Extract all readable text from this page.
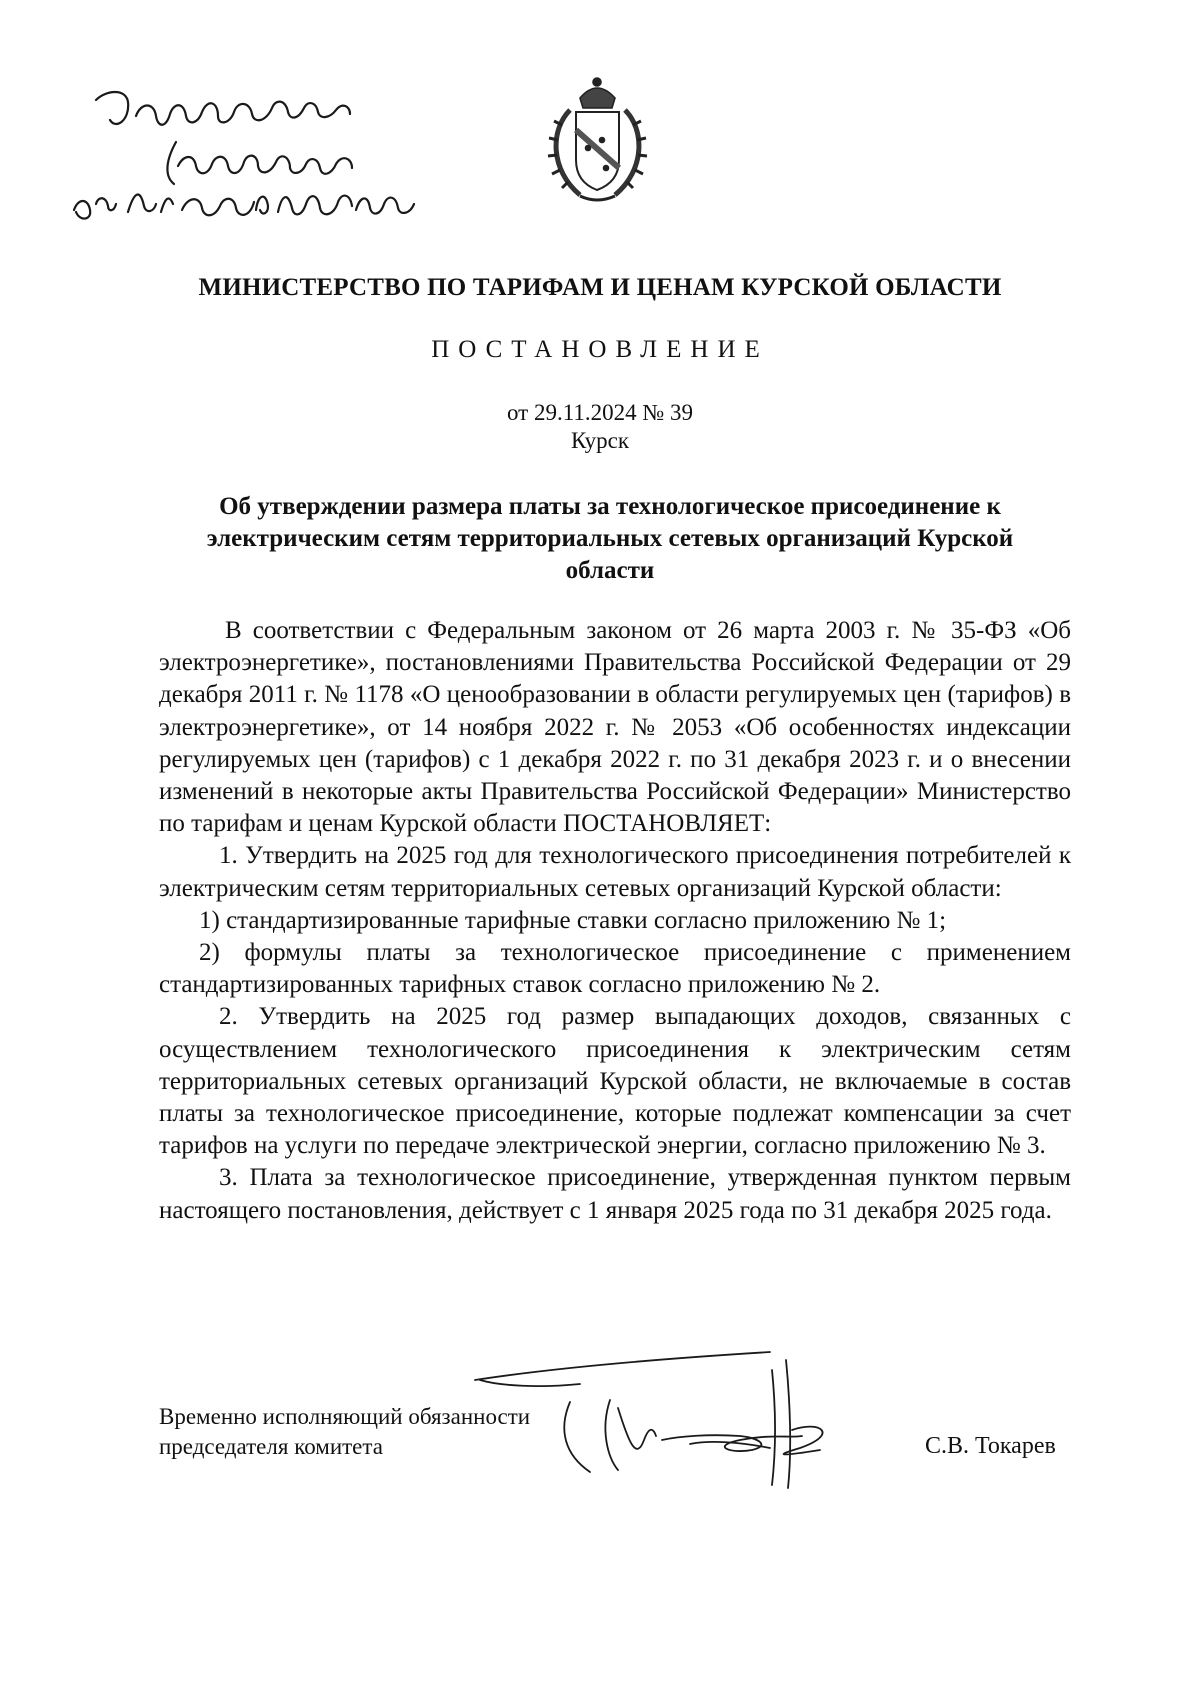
МИНИСТЕРСТВО ПО ТАРИФАМ И ЦЕНАМ КУРСКОЙ ОБЛАСТИ
ПОСТАНОВЛЕНИЕ
от 29.11.2024 № 39
Курск
Об утверждении размера платы за технологическое присоединение к электрическим сетям территориальных сетевых организаций Курской области

В соответствии с Федеральным законом от 26 марта 2003 г. № 35-ФЗ «Об электроэнергетике», постановлениями Правительства Российской Федерации от 29 декабря 2011 г. № 1178 «О ценообразовании в области регулируемых цен (тарифов) в электроэнергетике», от 14 ноября 2022 г. № 2053 «Об особенностях индексации регулируемых цен (тарифов) с 1 декабря 2022 г. по 31 декабря 2023 г. и о внесении изменений в некоторые акты Правительства Российской Федерации» Министерство по тарифам и ценам Курской области ПОСТАНОВЛЯЕТ:

1. Утвердить на 2025 год для технологического присоединения потребителей к электрическим сетям территориальных сетевых организаций Курской области:

1) стандартизированные тарифные ставки согласно приложению № 1;

2) формулы платы за технологическое присоединение с применением стандартизированных тарифных ставок согласно приложению № 2.

2. Утвердить на 2025 год размер выпадающих доходов, связанных с осуществлением технологического присоединения к электрическим сетям территориальных сетевых организаций Курской области, не включаемые в состав платы за технологическое присоединение, которые подлежат компенсации за счет тарифов на услуги по передаче электрической энергии, согласно приложению № 3.

3. Плата за технологическое присоединение, утвержденная пунктом первым настоящего постановления, действует с 1 января 2025 года по 31 декабря 2025 года.

Временно исполняющий обязанности
председателя комитета	С.В. Токарев
